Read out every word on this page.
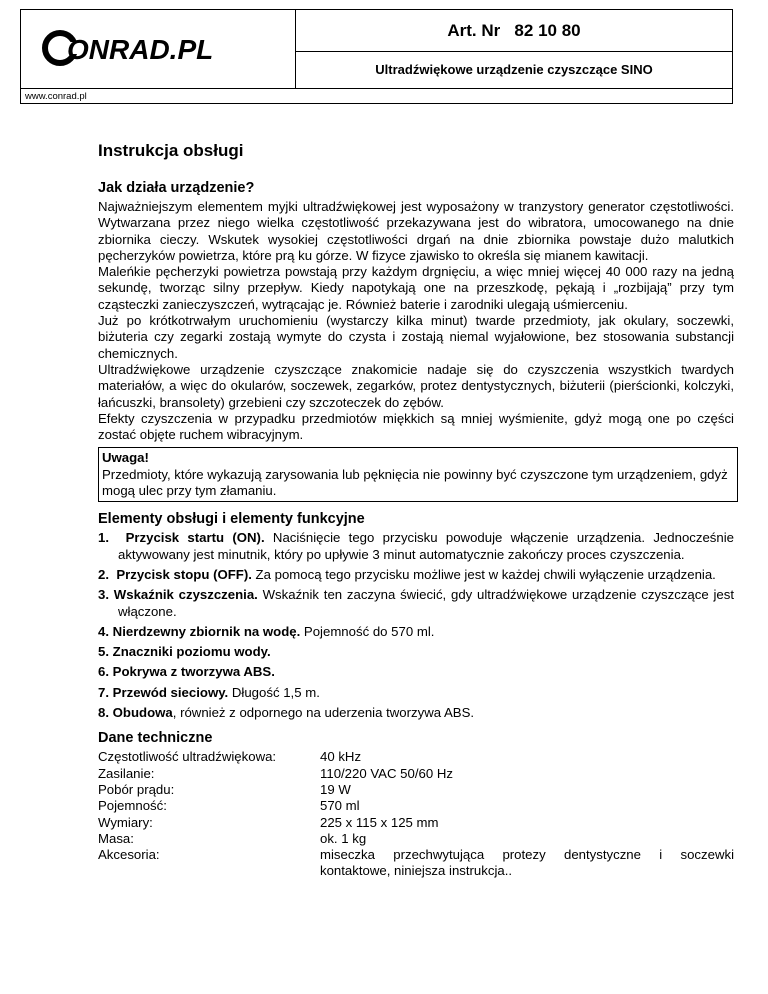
ONRAD.PL
Art. Nr   82 10 80
Ultradźwiękowe urządzenie czyszczące SINO
www.conrad.pl
Instrukcja obsługi
Jak działa urządzenie?

Najważniejszym elementem myjki ultradźwiękowej jest wyposażony w tranzystory generator częstotliwości. Wytwarzana przez niego wielka częstotliwość przekazywana jest do wibratora, umocowanego na dnie zbiornika cieczy. Wskutek wysokiej częstotliwości drgań na dnie zbiornika powstaje dużo malutkich pęcherzyków powietrza, które prą ku górze. W fizyce zjawisko to określa się mianem kawitacji.

Maleńkie pęcherzyki powietrza powstają przy każdym drgnięciu, a więc mniej więcej 40 000 razy na jedną sekundę, tworząc silny przepływ. Kiedy napotykają one na przeszkodę, pękają i „rozbijają” przy tym cząsteczki zanieczyszczeń, wytrącając je. Również baterie i zarodniki ulegają uśmierceniu.

Już po krótkotrwałym uruchomieniu (wystarczy kilka minut) twarde przedmioty, jak okulary, soczewki, biżuteria czy zegarki zostają wymyte do czysta i zostają niemal wyjałowione, bez stosowania substancji chemicznych.

Ultradźwiękowe urządzenie czyszczące znakomicie nadaje się do czyszczenia wszystkich twardych materiałów, a więc do okularów, soczewek, zegarków, protez dentystycznych, biżuterii (pierścionki, kolczyki, łańcuszki, bransolety) grzebieni czy szczoteczek do zębów.

Efekty czyszczenia w przypadku przedmiotów miękkich są mniej wyśmienite, gdyż mogą one po części zostać objęte ruchem wibracyjnym.

Uwaga!
Przedmioty, które wykazują zarysowania lub pęknięcia nie powinny być czyszczone tym urządzeniem, gdyż mogą ulec przy tym złamaniu.
Elementy obsługi i elementy funkcyjne
1. Przycisk startu (ON). Naciśnięcie tego przycisku powoduje włączenie urządzenia. Jednocześnie aktywowany jest minutnik, który po upływie 3 minut automatycznie zakończy proces czyszczenia.
2. Przycisk stopu (OFF). Za pomocą tego przycisku możliwe jest w każdej chwili wyłączenie urządzenia.
3. Wskaźnik czyszczenia. Wskaźnik ten zaczyna świecić, gdy ultradźwiękowe urządzenie czyszczące jest włączone.
4. Nierdzewny zbiornik na wodę. Pojemność do 570 ml.
5. Znaczniki poziomu wody.
6. Pokrywa z tworzywa ABS.
7. Przewód sieciowy. Długość 1,5 m.
8. Obudowa, również z odpornego na uderzenia tworzywa ABS.
Dane techniczne
Częstotliwość ultradźwiękowa:	40 kHz
Zasilanie:	110/220 VAC 50/60 Hz
Pobór prądu:	19 W
Pojemność:	570 ml
Wymiary:	225 x 115 x 125 mm
Masa:	ok. 1 kg
Akcesoria:	miseczka przechwytująca protezy dentystyczne i soczewki kontaktowe, niniejsza instrukcja..
